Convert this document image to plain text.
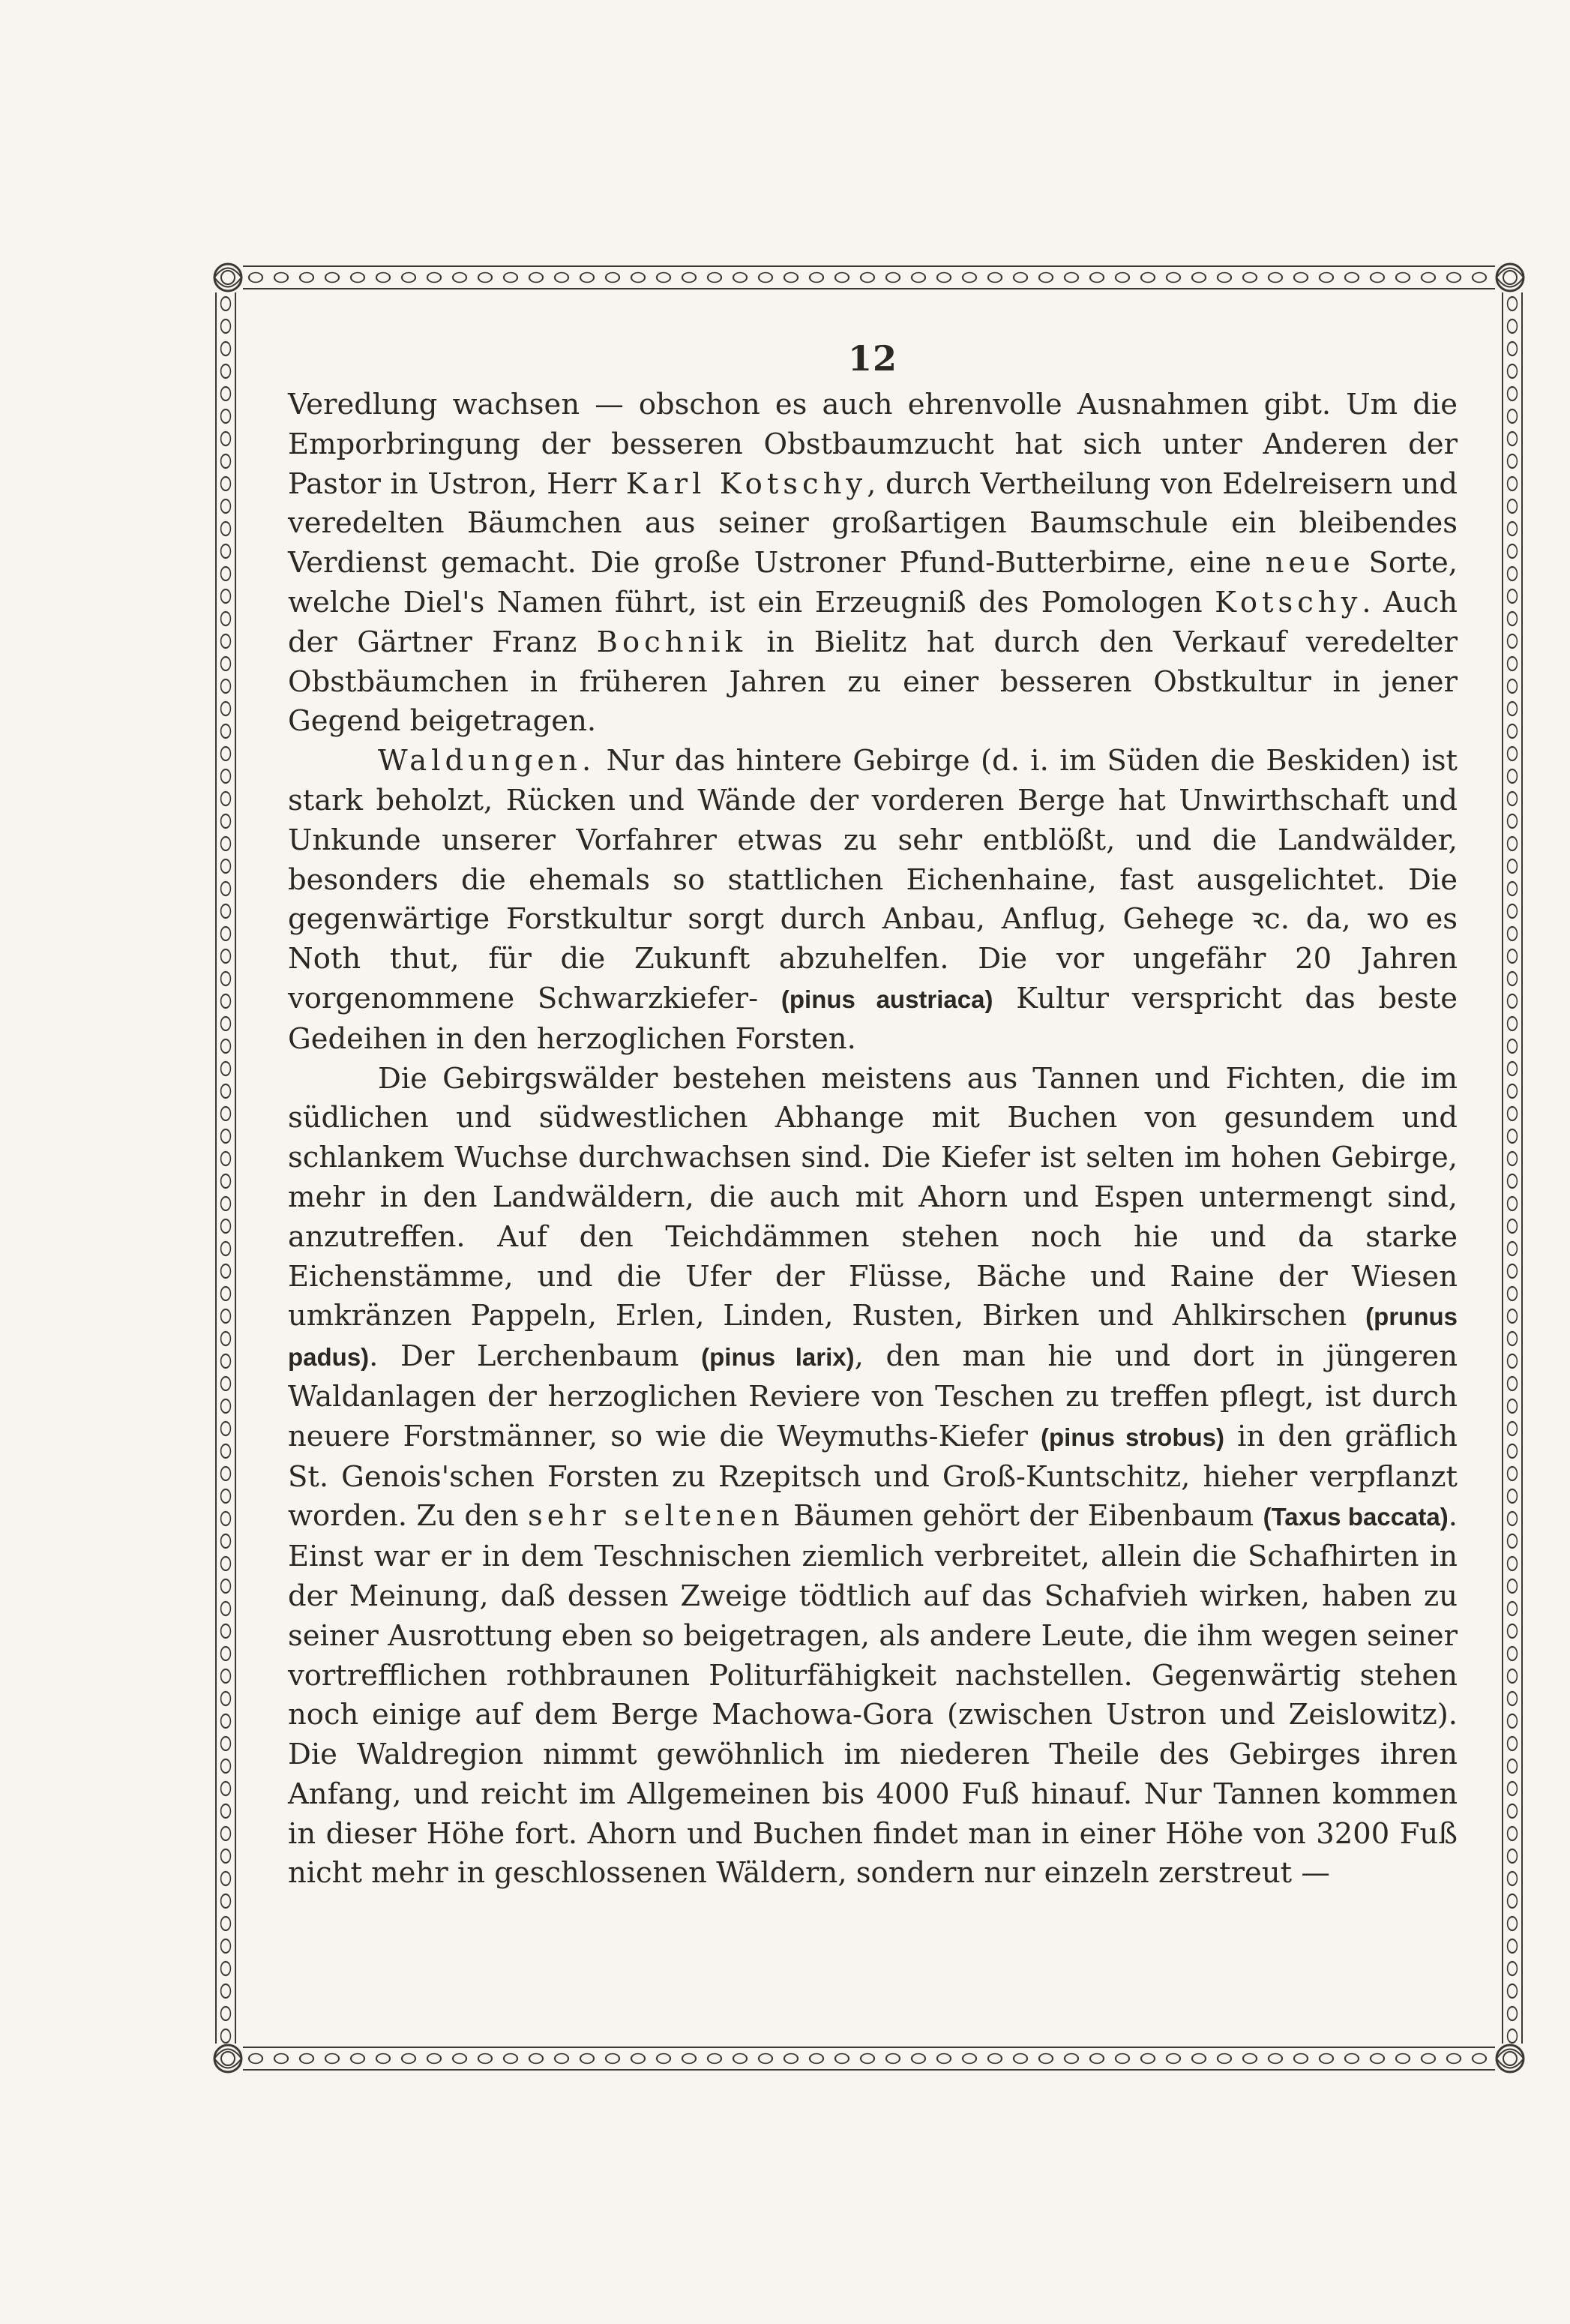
12

Veredlung wachsen — obschon es auch ehrenvolle Ausnahmen gibt. Um die Emporbringung der besseren Obstbaumzucht hat sich unter Anderen der Pastor in Ustron, Herr Karl Kotschy, durch Vertheilung von Edelreisern und veredelten Bäumchen aus seiner großartigen Baumschule ein bleibendes Verdienst gemacht. Die große Ustroner Pfund-Butterbirne, eine neue Sorte, welche Diel's Namen führt, ist ein Erzeugniß des Pomologen Kotschy. Auch der Gärtner Franz Bochnik in Bielitz hat durch den Verkauf veredelter Obstbäumchen in früheren Jahren zu einer besseren Obstkultur in jener Gegend beigetragen.

Waldungen. Nur das hintere Gebirge (d. i. im Süden die Beskiden) ist stark beholzt, Rücken und Wände der vorderen Berge hat Unwirthschaft und Unkunde unserer Vorfahrer etwas zu sehr entblößt, und die Landwälder, besonders die ehemals so stattlichen Eichenhaine, fast ausgelichtet. Die gegenwärtige Forstkultur sorgt durch Anbau, Anflug, Gehege ꝛc. da, wo es Noth thut, für die Zukunft abzuhelfen. Die vor ungefähr 20 Jahren vorgenommene Schwarzkiefer- (pinus austriaca) Kultur verspricht das beste Gedeihen in den herzoglichen Forsten.

Die Gebirgswälder bestehen meistens aus Tannen und Fichten, die im südlichen und südwestlichen Abhange mit Buchen von gesundem und schlankem Wuchse durchwachsen sind. Die Kiefer ist selten im hohen Gebirge, mehr in den Landwäldern, die auch mit Ahorn und Espen untermengt sind, anzutreffen. Auf den Teichdämmen stehen noch hie und da starke Eichenstämme, und die Ufer der Flüsse, Bäche und Raine der Wiesen umkränzen Pappeln, Erlen, Linden, Rusten, Birken und Ahlkirschen (prunus padus). Der Lerchenbaum (pinus larix), den man hie und dort in jüngeren Waldanlagen der herzoglichen Reviere von Teschen zu treffen pflegt, ist durch neuere Forstmänner, so wie die Weymuths-Kiefer (pinus strobus) in den gräflich St. Genois'schen Forsten zu Rzepitsch und Groß-Kuntschitz, hieher verpflanzt worden. Zu den sehr seltenen Bäumen gehört der Eibenbaum (Taxus baccata). Einst war er in dem Teschnischen ziemlich verbreitet, allein die Schafhirten in der Meinung, daß dessen Zweige tödtlich auf das Schafvieh wirken, haben zu seiner Ausrottung eben so beigetragen, als andere Leute, die ihm wegen seiner vortrefflichen rothbraunen Politurfähigkeit nachstellen. Gegenwärtig stehen noch einige auf dem Berge Machowa-Gora (zwischen Ustron und Zeislowitz). Die Waldregion nimmt gewöhnlich im niederen Theile des Gebirges ihren Anfang, und reicht im Allgemeinen bis 4000 Fuß hinauf. Nur Tannen kommen in dieser Höhe fort. Ahorn und Buchen findet man in einer Höhe von 3200 Fuß nicht mehr in geschlossenen Wäldern, sondern nur einzeln zerstreut —
